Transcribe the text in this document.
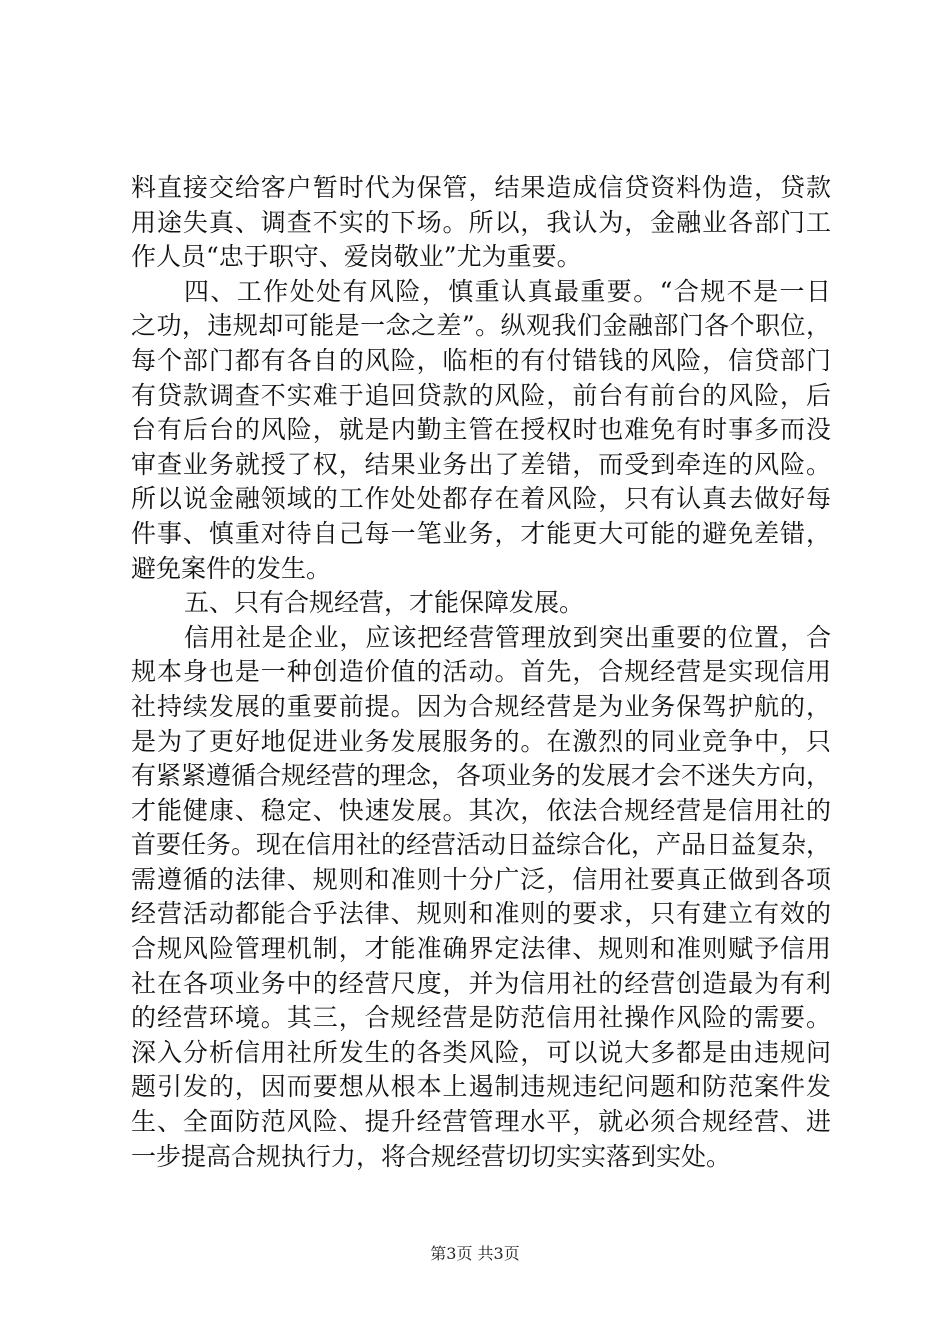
料直接交给客户暂时代为保管，结果造成信贷资料伪造，贷款
用途失真、调查不实的下场。所以，我认为，金融业各部门工
作人员“忠于职守、爱岗敬业”尤为重要。
四、工作处处有风险，慎重认真最重要。“合规不是一日
之功，违规却可能是一念之差”。纵观我们金融部门各个职位，
每个部门都有各自的风险，临柜的有付错钱的风险，信贷部门
有贷款调查不实难于追回贷款的风险，前台有前台的风险，后
台有后台的风险，就是内勤主管在授权时也难免有时事多而没
审查业务就授了权，结果业务出了差错，而受到牵连的风险。
所以说金融领域的工作处处都存在着风险，只有认真去做好每
件事、慎重对待自己每一笔业务，才能更大可能的避免差错，
避免案件的发生。
五、只有合规经营，才能保障发展。
信用社是企业，应该把经营管理放到突出重要的位置，合
规本身也是一种创造价值的活动。首先，合规经营是实现信用
社持续发展的重要前提。因为合规经营是为业务保驾护航的，
是为了更好地促进业务发展服务的。在激烈的同业竞争中，只
有紧紧遵循合规经营的理念，各项业务的发展才会不迷失方向，
才能健康、稳定、快速发展。其次，依法合规经营是信用社的
首要任务。现在信用社的经营活动日益综合化，产品日益复杂，
需遵循的法律、规则和准则十分广泛，信用社要真正做到各项
经营活动都能合乎法律、规则和准则的要求，只有建立有效的
合规风险管理机制，才能准确界定法律、规则和准则赋予信用
社在各项业务中的经营尺度，并为信用社的经营创造最为有利
的经营环境。其三，合规经营是防范信用社操作风险的需要。
深入分析信用社所发生的各类风险，可以说大多都是由违规问
题引发的，因而要想从根本上遏制违规违纪问题和防范案件发
生、全面防范风险、提升经营管理水平，就必须合规经营、进
一步提高合规执行力，将合规经营切切实实落到实处。
第3页 共3页
